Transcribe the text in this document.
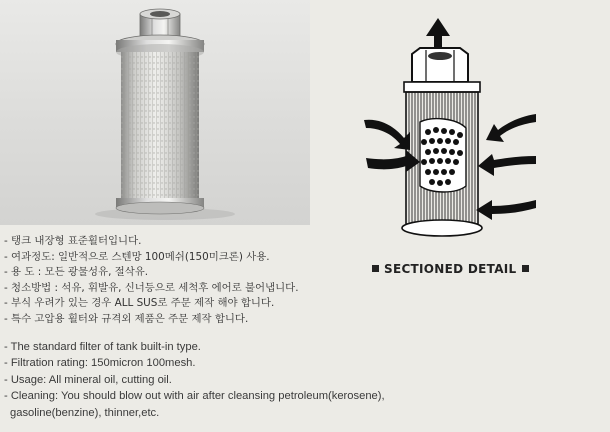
SECTIONED DETAIL
- 탱크 내장형 표준휠터입니다.
- 여과정도: 일반적으로 스텐망 100메쉬(150미크론) 사용.
- 용 도 : 모든 광물성유, 절삭유.
- 청소방법 : 석유, 휘발유, 신너등으로 세척후 에어로 불어냅니다.
- 부식 우려가 있는 경우 ALL SUS로 주문 제작 해야 합니다.
- 특수 고압용 휠터와 규격외 제품은 주문 제작 합니다.
- The standard filter of tank built-in type.
- Filtration rating: 150micron 100mesh.
- Usage: All mineral oil, cutting oil.
- Cleaning: You should blow out with air after cleansing petroleum(kerosene),
gasoline(benzine), thinner,etc.
